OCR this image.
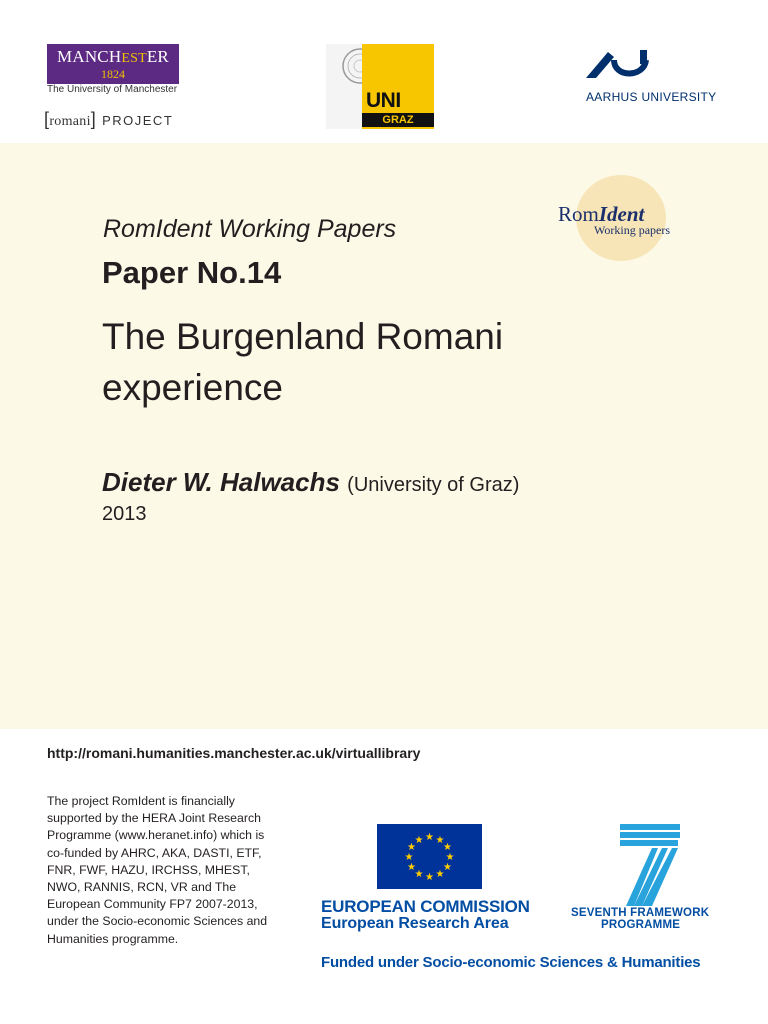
MANCHESTER
1824
The University of Manchester
[romani] PROJECT
UNI
GRAZ
AARHUS UNIVERSITY
RomIdent
Working papers
RomIdent Working Papers
Paper No.14
The Burgenland Romani experience
Dieter W. Halwachs (University of Graz)
2013
http://romani.humanities.manchester.ac.uk/virtuallibrary
The project RomIdent is financially supported by the HERA Joint Research Programme (www.heranet.info) which is co-funded by AHRC, AKA, DASTI, ETF, FNR, FWF, HAZU, IRCHSS, MHEST, NWO, RANNIS, RCN, VR and The European Community FP7 2007-2013, under the Socio-economic Sciences and Humanities programme.
★ ★
★
★
★
★
★
★
★
★
★
★
EUROPEAN COMMISSION
European Research Area
SEVENTH FRAMEWORK
PROGRAMME
Funded under Socio-economic Sciences & Humanities
